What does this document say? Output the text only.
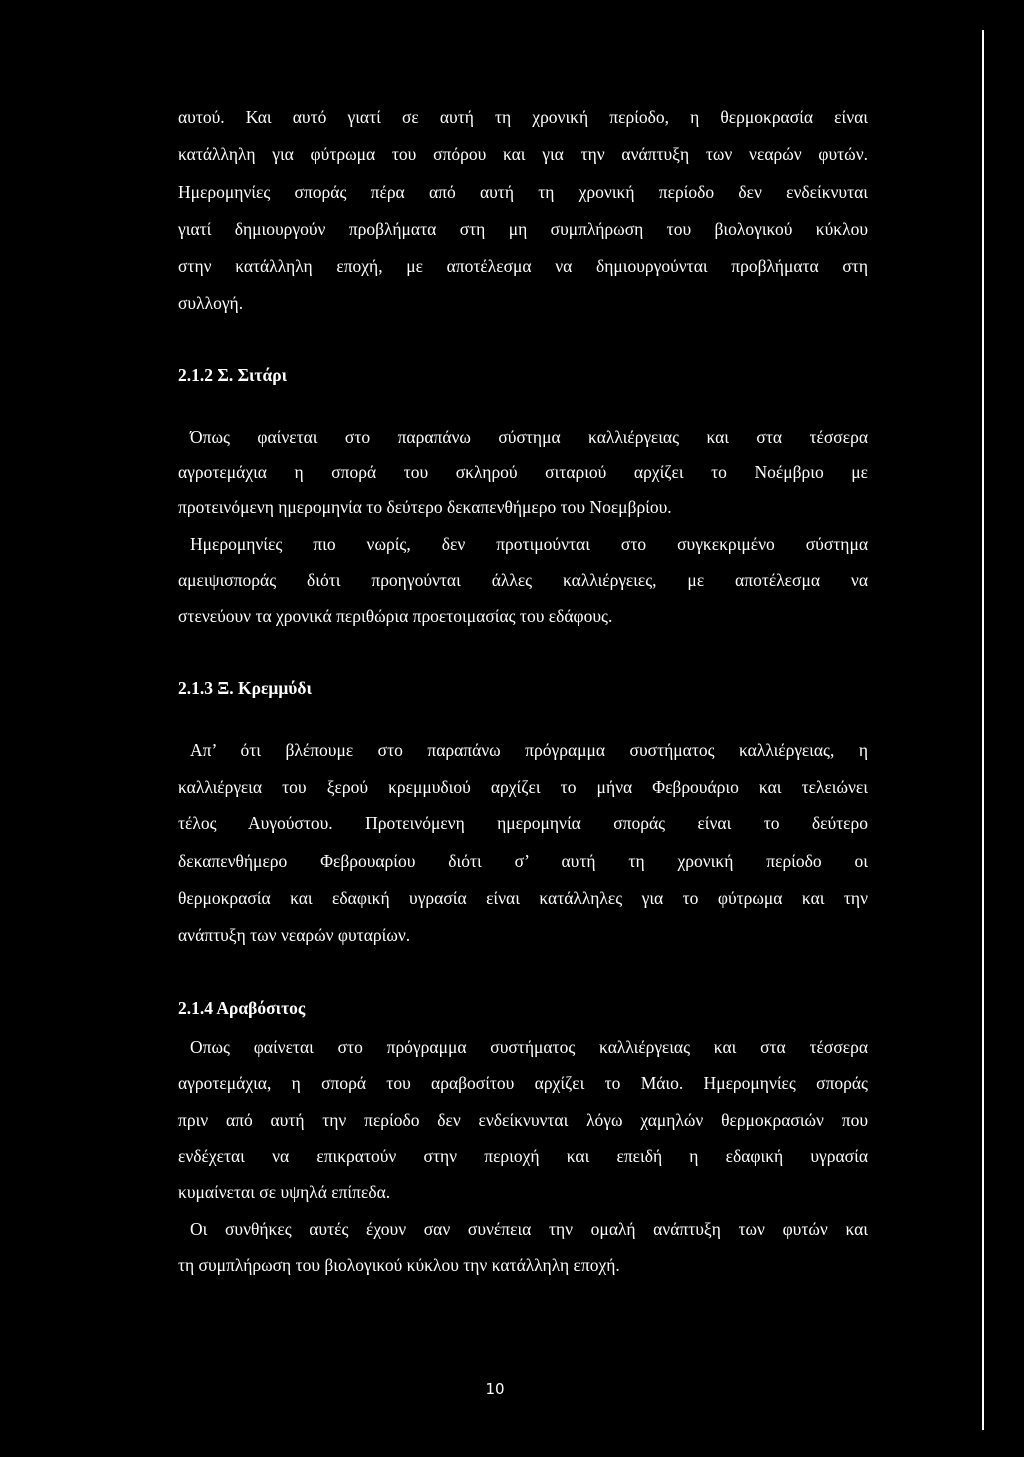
αυτού. Και αυτό γιατί σε αυτή τη χρονική περίοδο, η θερμοκρασία είναι
κατάλληλη για φύτρωμα του σπόρου και για την ανάπτυξη των νεαρών φυτών.
Ημερομηνίες σποράς πέρα από αυτή τη χρονική περίοδο δεν ενδείκνυται
γιατί δημιουργούν προβλήματα στη μη συμπλήρωση του βιολογικού κύκλου
στην κατάλληλη εποχή, με αποτέλεσμα να δημιουργούνται προβλήματα στη
συλλογή.
2.1.2 Σ. Σιτάρι
Όπως φαίνεται στο παραπάνω σύστημα καλλιέργειας και στα τέσσερα
αγροτεμάχια η σπορά του σκληρού σιταριού αρχίζει το Νοέμβριο με
προτεινόμενη ημερομηνία το δεύτερο δεκαπενθήμερο του Νοεμβρίου.
Ημερομηνίες πιο νωρίς, δεν προτιμούνται στο συγκεκριμένο σύστημα
αμειψισποράς διότι προηγούνται άλλες καλλιέργειες, με αποτέλεσμα να
στενεύουν τα χρονικά περιθώρια προετοιμασίας του εδάφους.
2.1.3 Ξ. Κρεμμύδι
Απ’ ότι βλέπουμε στο παραπάνω πρόγραμμα συστήματος καλλιέργειας, η
καλλιέργεια του ξερού κρεμμυδιού αρχίζει το μήνα Φεβρουάριο και τελειώνει
τέλος Αυγούστου. Προτεινόμενη ημερομηνία σποράς είναι το δεύτερο
δεκαπενθήμερο Φεβρουαρίου διότι σ’ αυτή τη χρονική περίοδο οι
θερμοκρασία και εδαφική υγρασία είναι κατάλληλες για το φύτρωμα και την
ανάπτυξη των νεαρών φυταρίων.
2.1.4 Αραβόσιτος
Οπως φαίνεται στο πρόγραμμα συστήματος καλλιέργειας και στα τέσσερα
αγροτεμάχια, η σπορά του αραβοσίτου αρχίζει το Μάιο. Ημερομηνίες σποράς
πριν από αυτή την περίοδο δεν ενδείκνυνται λόγω χαμηλών θερμοκρασιών που
ενδέχεται να επικρατούν στην περιοχή και επειδή η εδαφική υγρασία
κυμαίνεται σε υψηλά επίπεδα.
Οι συνθήκες αυτές έχουν σαν συνέπεια την ομαλή ανάπτυξη των φυτών και
τη συμπλήρωση του βιολογικού κύκλου την κατάλληλη εποχή.
10
